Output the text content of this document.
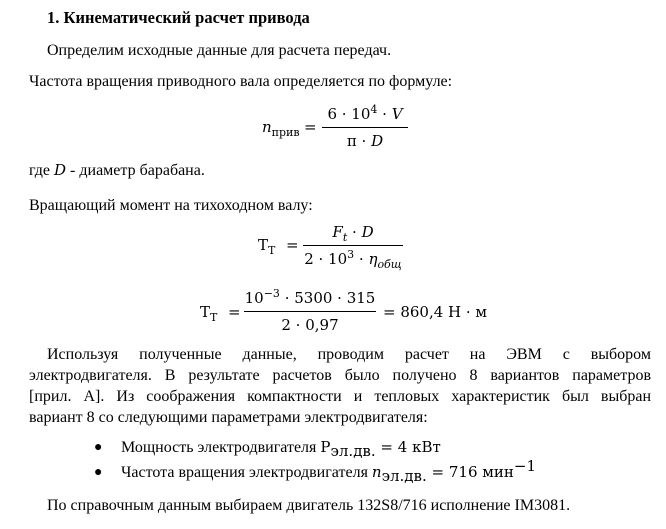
1. Кинематический расчет привода
Определим исходные данные для расчета передач.
Частота вращения приводного вала определяется по формуле:
$n_{прив}$ =
$6 \cdot 10^4 \cdot V$
π · D
где D - диаметр барабана.
Вращающий момент на тихоходном валу:
$T_T$ =
$F_t \cdot D$
$2 \cdot 10^3 \cdot \eta_{общ}$
$T_T$ =
$10^{-3} \cdot 5300 \cdot 315$
2 · 0,97
= 860,4 Н · м
Используя полученные данные, проводим расчет на ЭВМ с выбором
электродвигателя. В результате расчетов было получено 8 вариантов параметров
[прил. А]. Из соображения компактности и тепловых характеристик был выбран
вариант 8 со следующими параметрами электродвигателя:
● Мощность электродвигателя $P_{эл.дв.} = 4$ кВт
● Частота вращения электродвигателя $n_{эл.дв.} = 716$ мин$^{-1}$
По справочным данным выбираем двигатель 132S8/716 исполнение IM3081.
